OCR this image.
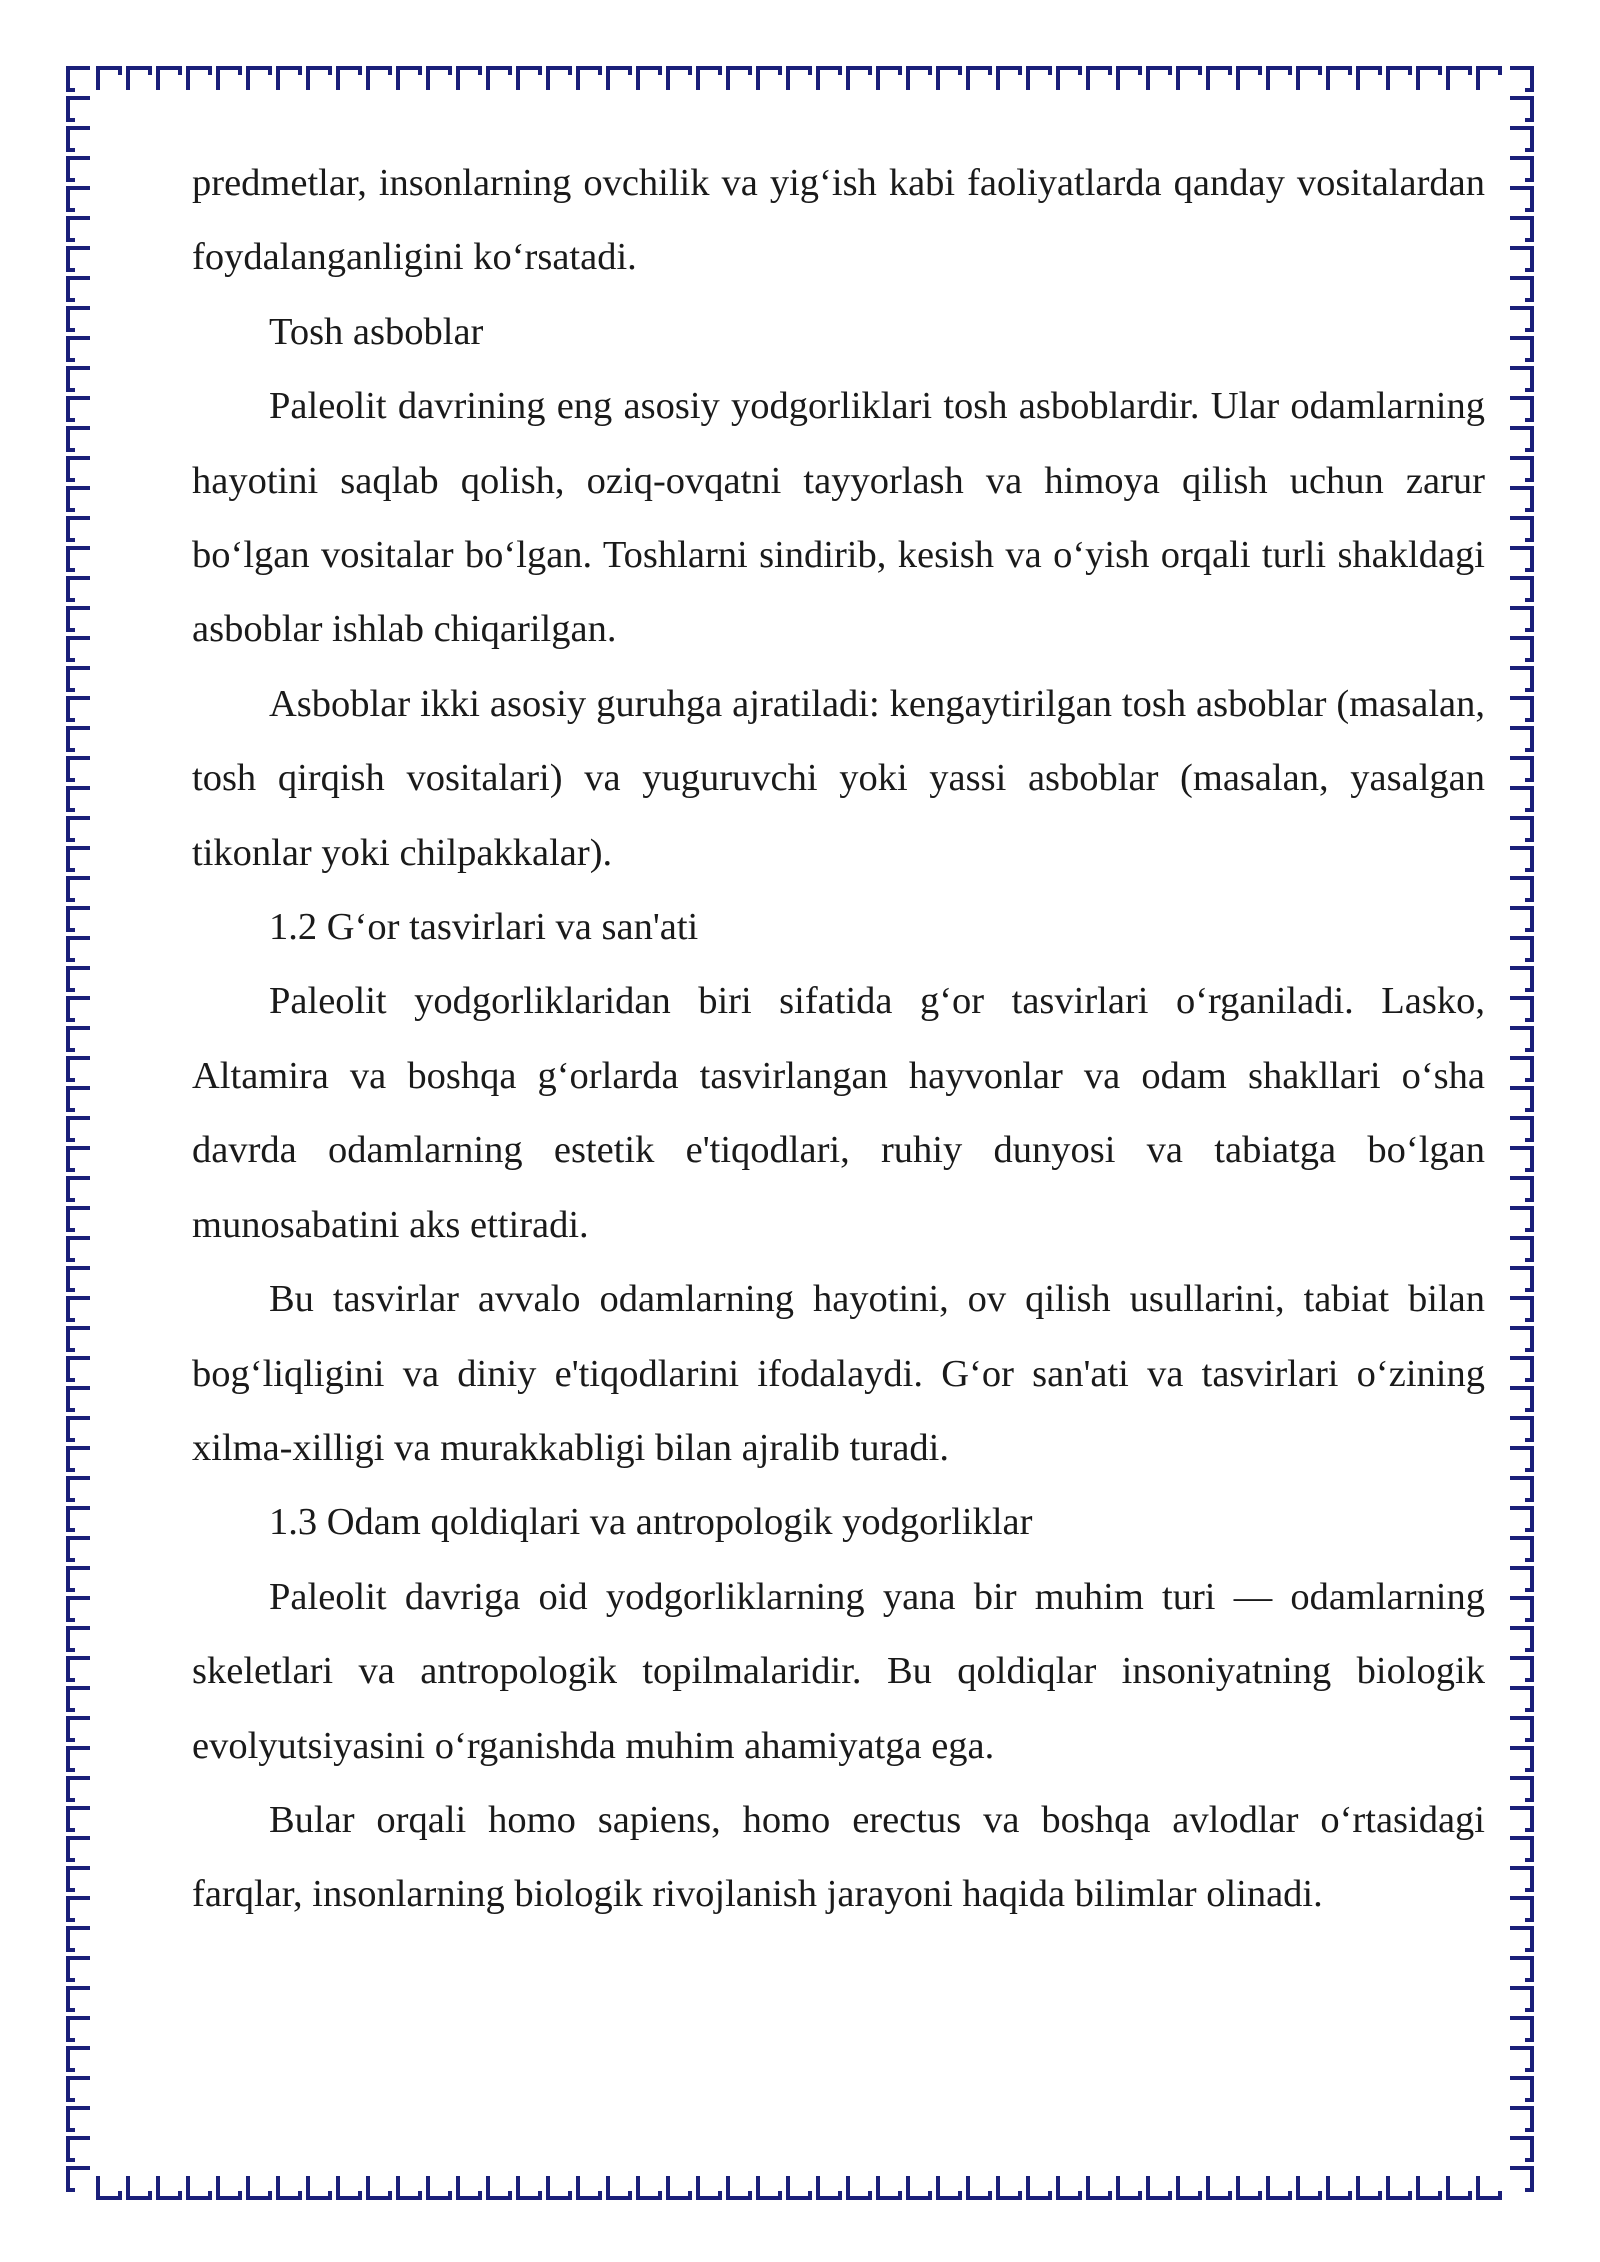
predmetlar, insonlarning ovchilik va yig‘ish kabi faoliyatlarda qanday vositalardan foydalanganligini ko‘rsatadi.

Tosh asboblar

Paleolit davrining eng asosiy yodgorliklari tosh asboblardir. Ular odamlarning hayotini saqlab qolish, oziq-ovqatni tayyorlash va himoya qilish uchun zarur bo‘lgan vositalar bo‘lgan. Toshlarni sindirib, kesish va o‘yish orqali turli shakldagi asboblar ishlab chiqarilgan.

Asboblar ikki asosiy guruhga ajratiladi: kengaytirilgan tosh asboblar (masalan, tosh qirqish vositalari) va yuguruvchi yoki yassi asboblar (masalan, yasalgan tikonlar yoki chilpakkalar).

1.2 G‘or tasvirlari va san'ati

Paleolit yodgorliklaridan biri sifatida g‘or tasvirlari o‘rganiladi. Lasko, Altamira va boshqa g‘orlarda tasvirlangan hayvonlar va odam shakllari o‘sha davrda odamlarning estetik e'tiqodlari, ruhiy dunyosi va tabiatga bo‘lgan munosabatini aks ettiradi.

Bu tasvirlar avvalo odamlarning hayotini, ov qilish usullarini, tabiat bilan bog‘liqligini va diniy e'tiqodlarini ifodalaydi. G‘or san'ati va tasvirlari o‘zining xilma-xilligi va murakkabligi bilan ajralib turadi.

1.3 Odam qoldiqlari va antropologik yodgorliklar

Paleolit davriga oid yodgorliklarning yana bir muhim turi — odamlarning skeletlari va antropologik topilmalaridir. Bu qoldiqlar insoniyatning biologik evolyutsiyasini o‘rganishda muhim ahamiyatga ega.

Bular orqali homo sapiens, homo erectus va boshqa avlodlar o‘rtasidagi farqlar, insonlarning biologik rivojlanish jarayoni haqida bilimlar olinadi.
